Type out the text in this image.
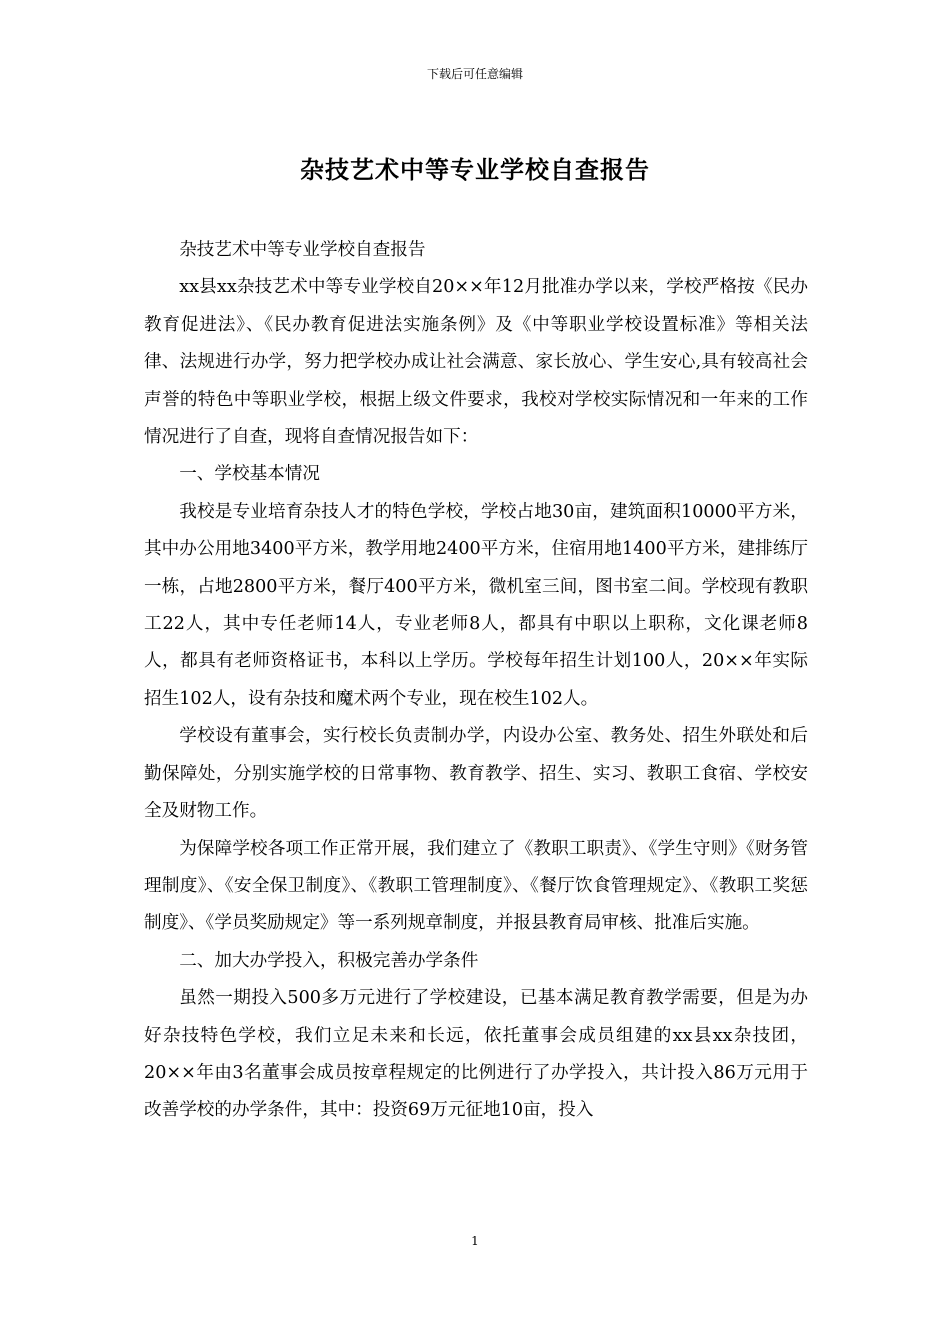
下载后可任意编辑
杂技艺术中等专业学校自查报告

杂技艺术中等专业学校自查报告

xx县xx杂技艺术中等专业学校自20××年12月批准办学以来，学校严格按《民办教育促进法》、《民办教育促进法实施条例》及《中等职业学校设置标准》等相关法律、法规进行办学，努力把学校办成让社会满意、家长放心、学生安心,具有较高社会声誉的特色中等职业学校，根据上级文件要求，我校对学校实际情况和一年来的工作情况进行了自查，现将自查情况报告如下：

一、学校基本情况

我校是专业培育杂技人才的特色学校，学校占地30亩，建筑面积10000平方米，其中办公用地3400平方米，教学用地2400平方米，住宿用地1400平方米，建排练厅一栋，占地2800平方米，餐厅400平方米，微机室三间，图书室二间。学校现有教职工22人，其中专任老师14人，专业老师8人，都具有中职以上职称，文化课老师8人，都具有老师资格证书，本科以上学历。学校每年招生计划100人，20××年实际招生102人，设有杂技和魔术两个专业，现在校生102人。

学校设有董事会，实行校长负责制办学，内设办公室、教务处、招生外联处和后勤保障处，分别实施学校的日常事物、教育教学、招生、实习、教职工食宿、学校安全及财物工作。

为保障学校各项工作正常开展，我们建立了《教职工职责》、《学生守则》《财务管理制度》、《安全保卫制度》、《教职工管理制度》、《餐厅饮食管理规定》、《教职工奖惩制度》、《学员奖励规定》等一系列规章制度，并报县教育局审核、批准后实施。

二、加大办学投入，积极完善办学条件

虽然一期投入500多万元进行了学校建设，已基本满足教育教学需要，但是为办好杂技特色学校，我们立足未来和长远，依托董事会成员组建的xx县xx杂技团，20××年由3名董事会成员按章程规定的比例进行了办学投入，共计投入86万元用于改善学校的办学条件，其中：投资69万元征地10亩，投入

1
